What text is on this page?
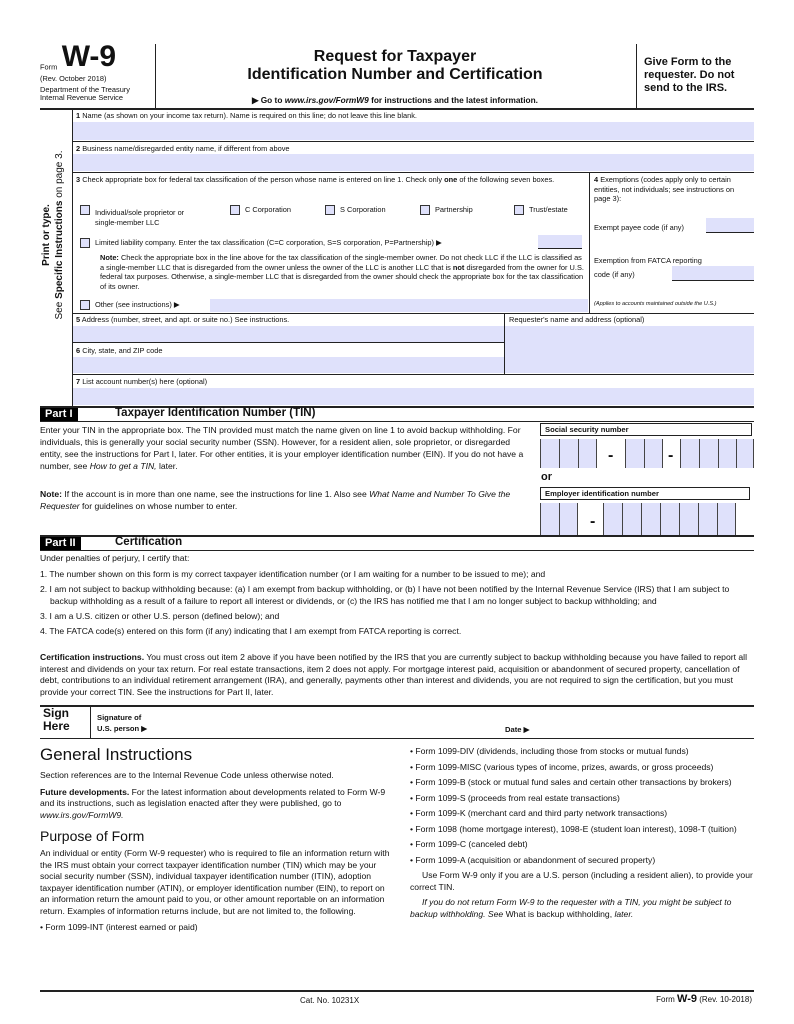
Form W-9
(Rev. October 2018)
Department of the Treasury
Internal Revenue Service
Request for Taxpayer
Identification Number and Certification
▶ Go to www.irs.gov/FormW9 for instructions and the latest information.
Give Form to the requester. Do not send to the IRS.
Print or type.
See Specific Instructions on page 3.
1 Name (as shown on your income tax return). Name is required on this line; do not leave this line blank.
2 Business name/disregarded entity name, if different from above
3 Check appropriate box for federal tax classification of the person whose name is entered on line 1. Check only one of the following seven boxes.
Individual/sole proprietor or single-member LLC
C Corporation	S Corporation	Partnership	Trust/estate
Limited liability company. Enter the tax classification (C=C corporation, S=S corporation, P=Partnership) ▶
Note: Check the appropriate box in the line above for the tax classification of the single-member owner. Do not check LLC if the LLC is classified as a single-member LLC that is disregarded from the owner unless the owner of the LLC is another LLC that is not disregarded from the owner for U.S. federal tax purposes. Otherwise, a single-member LLC that is disregarded from the owner should check the appropriate box for the tax classification of its owner.
Other (see instructions) ▶
4 Exemptions (codes apply only to certain entities, not individuals; see instructions on page 3):
Exempt payee code (if any)
Exemption from FATCA reporting
code (if any)
(Applies to accounts maintained outside the U.S.)
5 Address (number, street, and apt. or suite no.) See instructions.
6 City, state, and ZIP code
Requester's name and address (optional)
7 List account number(s) here (optional)
Part I	Taxpayer Identification Number (TIN)
Enter your TIN in the appropriate box. The TIN provided must match the name given on line 1 to avoid backup withholding. For individuals, this is generally your social security number (SSN). However, for a resident alien, sole proprietor, or disregarded entity, see the instructions for Part I, later. For other entities, it is your employer identification number (EIN). If you do not have a number, see How to get a TIN, later.
Note: If the account is in more than one name, see the instructions for line 1. Also see What Name and Number To Give the Requester for guidelines on whose number to enter.
Social security number
-	-
or
Employer identification number
-
Part II	Certification
Under penalties of perjury, I certify that:
1. The number shown on this form is my correct taxpayer identification number (or I am waiting for a number to be issued to me); and
2. I am not subject to backup withholding because: (a) I am exempt from backup withholding, or (b) I have not been notified by the Internal Revenue Service (IRS) that I am subject to backup withholding as a result of a failure to report all interest or dividends, or (c) the IRS has notified me that I am no longer subject to backup withholding; and
3. I am a U.S. citizen or other U.S. person (defined below); and
4. The FATCA code(s) entered on this form (if any) indicating that I am exempt from FATCA reporting is correct.
Certification instructions. You must cross out item 2 above if you have been notified by the IRS that you are currently subject to backup withholding because you have failed to report all interest and dividends on your tax return. For real estate transactions, item 2 does not apply. For mortgage interest paid, acquisition or abandonment of secured property, cancellation of debt, contributions to an individual retirement arrangement (IRA), and generally, payments other than interest and dividends, you are not required to sign the certification, but you must provide your correct TIN. See the instructions for Part II, later.
Sign
Here
Signature of
U.S. person ▶	Date ▶
General Instructions
Section references are to the Internal Revenue Code unless otherwise noted.
Future developments. For the latest information about developments related to Form W-9 and its instructions, such as legislation enacted after they were published, go to www.irs.gov/FormW9.
Purpose of Form
An individual or entity (Form W-9 requester) who is required to file an information return with the IRS must obtain your correct taxpayer identification number (TIN) which may be your social security number (SSN), individual taxpayer identification number (ITIN), adoption taxpayer identification number (ATIN), or employer identification number (EIN), to report on an information return the amount paid to you, or other amount reportable on an information return. Examples of information returns include, but are not limited to, the following.
• Form 1099-INT (interest earned or paid)
• Form 1099-DIV (dividends, including those from stocks or mutual funds)
• Form 1099-MISC (various types of income, prizes, awards, or gross proceeds)
• Form 1099-B (stock or mutual fund sales and certain other transactions by brokers)
• Form 1099-S (proceeds from real estate transactions)
• Form 1099-K (merchant card and third party network transactions)
• Form 1098 (home mortgage interest), 1098-E (student loan interest), 1098-T (tuition)
• Form 1099-C (canceled debt)
• Form 1099-A (acquisition or abandonment of secured property)
Use Form W-9 only if you are a U.S. person (including a resident alien), to provide your correct TIN.
If you do not return Form W-9 to the requester with a TIN, you might be subject to backup withholding. See What is backup withholding, later.
Cat. No. 10231X	Form W-9 (Rev. 10-2018)
